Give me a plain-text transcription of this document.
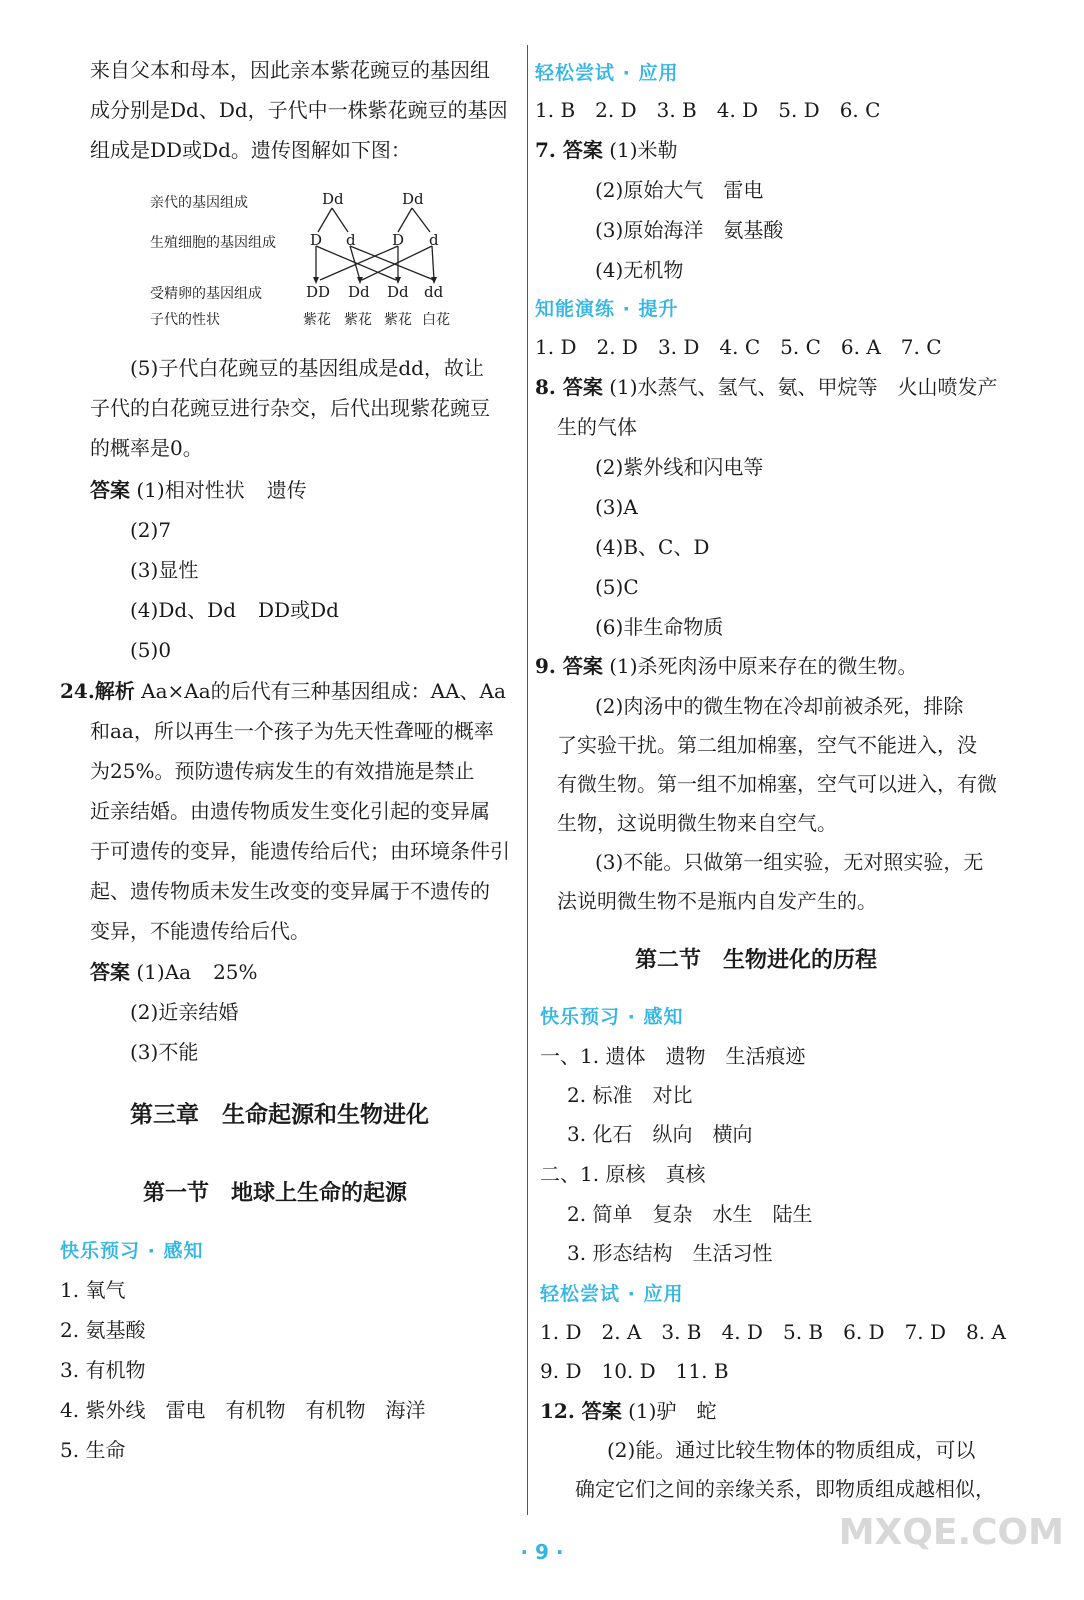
来自父本和母本，因此亲本紫花豌豆的基因组
成分别是Dd、Dd，子代中一株紫花豌豆的基因
组成是DD或Dd。遗传图解如下图：
亲代的基因组成
生殖细胞的基因组成
受精卵的基因组成
子代的性状
Dd	Dd
D d D d
DD Dd Dd dd
紫花 紫花 紫花 白花
(5)子代白花豌豆的基因组成是dd，故让
子代的白花豌豆进行杂交，后代出现紫花豌豆
的概率是0。
答案 (1)相对性状 遗传
(2)7
(3)显性
(4)Dd、Dd DD或Dd
(5)0
24.解析 Aa×Aa的后代有三种基因组成：AA、Aa
和aa，所以再生一个孩子为先天性聋哑的概率
为25%。预防遗传病发生的有效措施是禁止
近亲结婚。由遗传物质发生变化引起的变异属
于可遗传的变异，能遗传给后代；由环境条件引
起、遗传物质未发生改变的变异属于不遗传的
变异，不能遗传给后代。
答案 (1)Aa 25%
(2)近亲结婚
(3)不能
第三章　生命起源和生物进化
第一节　地球上生命的起源
快乐预习 · 感知
1. 氧气
2. 氨基酸
3. 有机物
4. 紫外线　雷电　有机物　有机物　海洋
5. 生命
轻松尝试 · 应用
1. B　2. D　3. B　4. D　5. D　6. C
7. 答案 (1)米勒
(2)原始大气　雷电
(3)原始海洋　氨基酸
(4)无机物
知能演练 · 提升
1. D　2. D　3. D　4. C　5. C　6. A　7. C
8. 答案 (1)水蒸气、氢气、氨、甲烷等　火山喷发产
生的气体
(2)紫外线和闪电等
(3)A
(4)B、C、D
(5)C
(6)非生命物质
9. 答案 (1)杀死肉汤中原来存在的微生物。
(2)肉汤中的微生物在冷却前被杀死，排除
了实验干扰。第二组加棉塞，空气不能进入，没
有微生物。第一组不加棉塞，空气可以进入，有微
生物，这说明微生物来自空气。
(3)不能。只做第一组实验，无对照实验，无
法说明微生物不是瓶内自发产生的。
第二节　生物进化的历程
快乐预习 · 感知
一、1. 遗体　遗物　生活痕迹
2. 标准　对比
3. 化石　纵向　横向
二、1. 原核　真核
2. 简单　复杂　水生　陆生
3. 形态结构　生活习性
轻松尝试 · 应用
1. D　2. A　3. B　4. D　5. B　6. D　7. D　8. A
9. D　10. D　11. B
12. 答案 (1)驴　蛇
(2)能。通过比较生物体的物质组成，可以
确定它们之间的亲缘关系，即物质组成越相似，
· 9 ·	MXQE.COM
